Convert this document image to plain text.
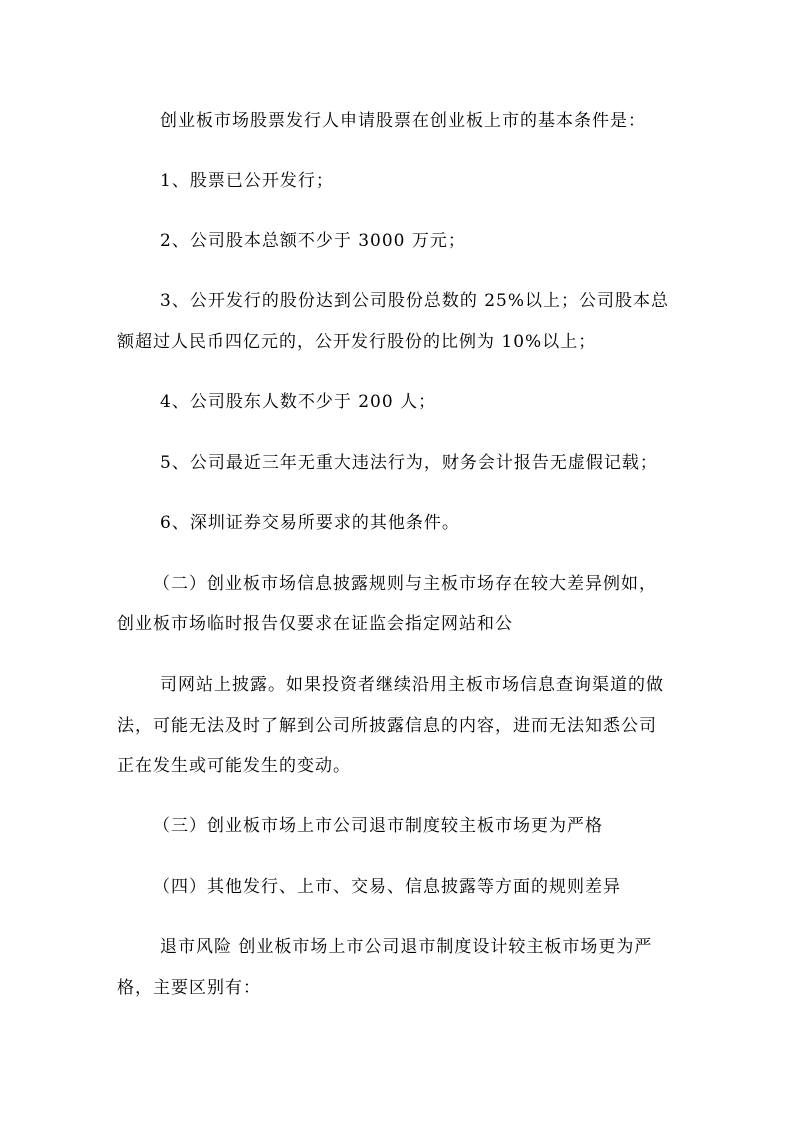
创业板市场股票发行人申请股票在创业板上市的基本条件是：

1、股票已公开发行；

2、公司股本总额不少于 3000 万元；

3、公开发行的股份达到公司股份总数的 25%以上；公司股本总

额超过人民币四亿元的，公开发行股份的比例为 10%以上；

4、公司股东人数不少于 200 人；

5、公司最近三年无重大违法行为，财务会计报告无虚假记载；

6、深圳证券交易所要求的其他条件。

（二）创业板市场信息披露规则与主板市场存在较大差异例如，

创业板市场临时报告仅要求在证监会指定网站和公

司网站上披露。如果投资者继续沿用主板市场信息查询渠道的做

法，可能无法及时了解到公司所披露信息的内容，进而无法知悉公司

正在发生或可能发生的变动。

（三）创业板市场上市公司退市制度较主板市场更为严格

（四）其他发行、上市、交易、信息披露等方面的规则差异

退市风险 创业板市场上市公司退市制度设计较主板市场更为严

格，主要区别有：
